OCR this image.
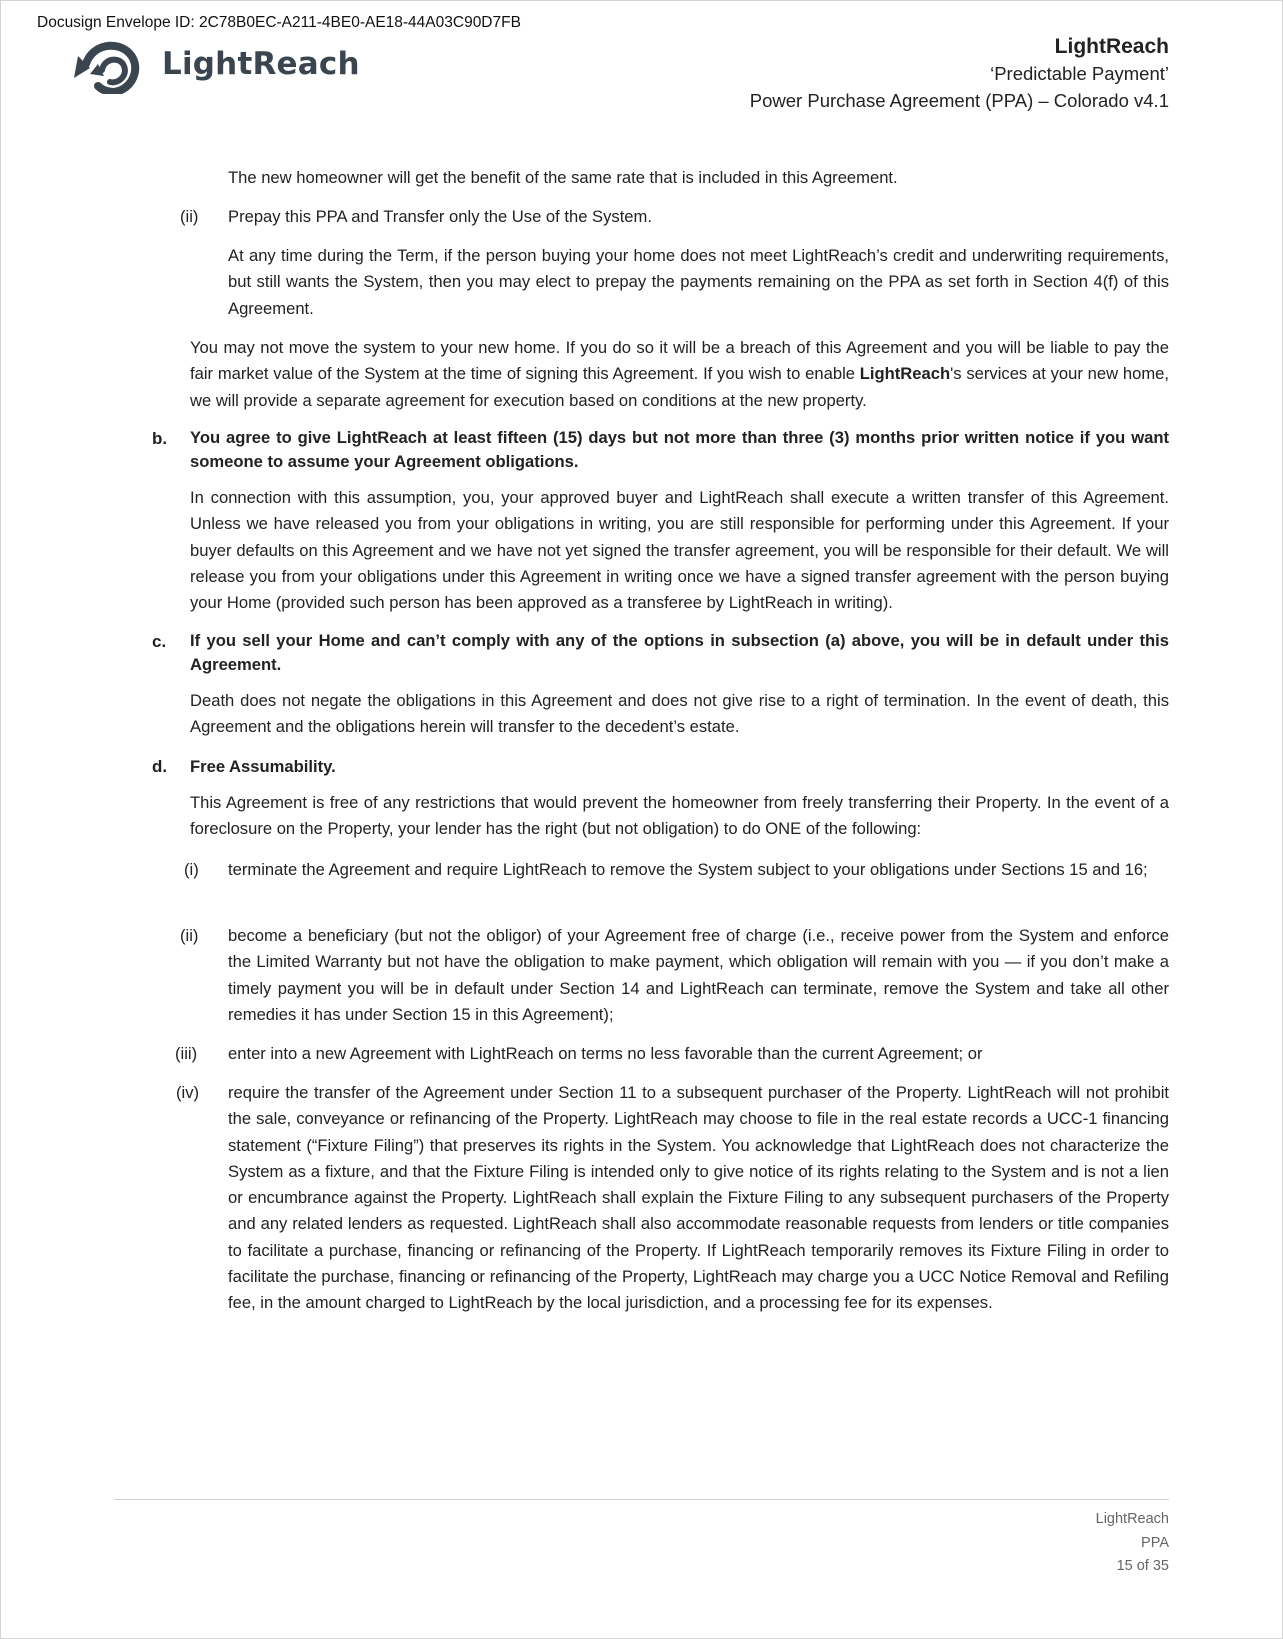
Docusign Envelope ID: 2C78B0EC-A211-4BE0-AE18-44A03C90D7FB
LightReach	LightReach
‘Predictable Payment’
Power Purchase Agreement (PPA) – Colorado v4.1
The new homeowner will get the benefit of the same rate that is included in this Agreement.
(ii) Prepay this PPA and Transfer only the Use of the System.
At any time during the Term, if the person buying your home does not meet LightReach’s credit and underwriting requirements, but still wants the System, then you may elect to prepay the payments remaining on the PPA as set forth in Section 4(f) of this Agreement.
You may not move the system to your new home. If you do so it will be a breach of this Agreement and you will be liable to pay the fair market value of the System at the time of signing this Agreement. If you wish to enable LightReach's services at your new home, we will provide a separate agreement for execution based on conditions at the new property.
b. You agree to give LightReach at least fifteen (15) days but not more than three (3) months prior written notice if you want someone to assume your Agreement obligations.
In connection with this assumption, you, your approved buyer and LightReach shall execute a written transfer of this Agreement. Unless we have released you from your obligations in writing, you are still responsible for performing under this Agreement. If your buyer defaults on this Agreement and we have not yet signed the transfer agreement, you will be responsible for their default. We will release you from your obligations under this Agreement in writing once we have a signed transfer agreement with the person buying your Home (provided such person has been approved as a transferee by LightReach in writing).
c. If you sell your Home and can’t comply with any of the options in subsection (a) above, you will be in default under this Agreement.
Death does not negate the obligations in this Agreement and does not give rise to a right of termination. In the event of death, this Agreement and the obligations herein will transfer to the decedent’s estate.
d. Free Assumability.
This Agreement is free of any restrictions that would prevent the homeowner from freely transferring their Property. In the event of a foreclosure on the Property, your lender has the right (but not obligation) to do ONE of the following:
(i) terminate the Agreement and require LightReach to remove the System subject to your obligations under Sections 15 and 16;
(ii) become a beneficiary (but not the obligor) of your Agreement free of charge (i.e., receive power from the System and enforce the Limited Warranty but not have the obligation to make payment, which obligation will remain with you — if you don’t make a timely payment you will be in default under Section 14 and LightReach can terminate, remove the System and take all other remedies it has under Section 15 in this Agreement);
(iii) enter into a new Agreement with LightReach on terms no less favorable than the current Agreement; or
(iv) require the transfer of the Agreement under Section 11 to a subsequent purchaser of the Property. LightReach will not prohibit the sale, conveyance or refinancing of the Property. LightReach may choose to file in the real estate records a UCC-1 financing statement (“Fixture Filing”) that preserves its rights in the System. You acknowledge that LightReach does not characterize the System as a fixture, and that the Fixture Filing is intended only to give notice of its rights relating to the System and is not a lien or encumbrance against the Property. LightReach shall explain the Fixture Filing to any subsequent purchasers of the Property and any related lenders as requested. LightReach shall also accommodate reasonable requests from lenders or title companies to facilitate a purchase, financing or refinancing of the Property. If LightReach temporarily removes its Fixture Filing in order to facilitate the purchase, financing or refinancing of the Property, LightReach may charge you a UCC Notice Removal and Refiling fee, in the amount charged to LightReach by the local jurisdiction, and a processing fee for its expenses.
LightReach
PPA
15 of 35
